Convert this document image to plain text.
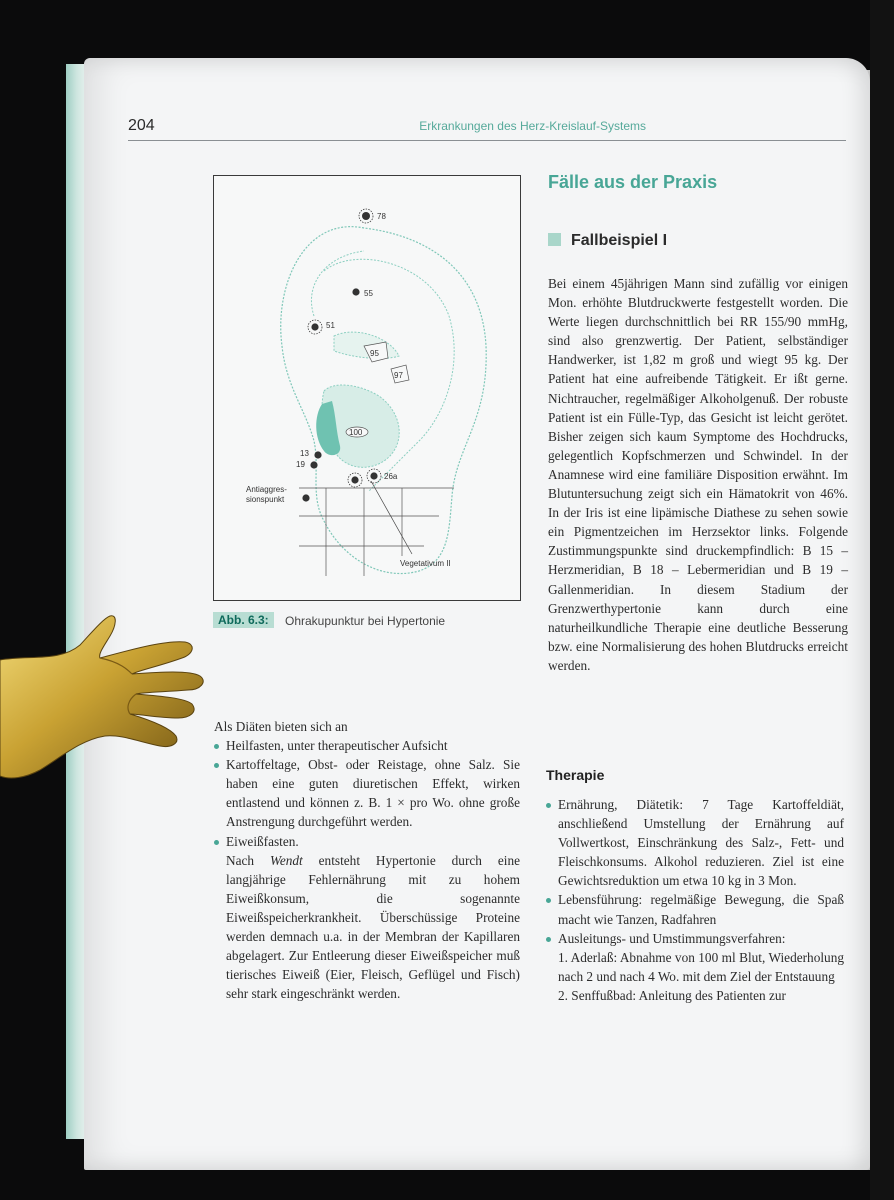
204	Erkrankungen des Herz-Kreislauf-Systems
78
55
51
95
97
100
13
19
26a
Antiaggres-
sionspunkt
Vegetativum II
Abb. 6.3:	Ohrakupunktur bei Hypertonie
Fälle aus der Praxis
Fallbeispiel I

Bei einem 45jährigen Mann sind zufällig vor einigen Mon. erhöhte Blutdruckwerte festgestellt worden. Die Werte liegen durchschnittlich bei RR 155/90 mmHg, sind also grenzwertig. Der Patient, selbständiger Handwerker, ist 1,82 m groß und wiegt 95 kg. Der Patient hat eine aufreibende Tätigkeit. Er ißt gerne. Nichtraucher, regelmäßiger Alkoholgenuß. Der robuste Patient ist ein Fülle-Typ, das Gesicht ist leicht gerötet. Bisher zeigen sich kaum Symptome des Hochdrucks, gelegentlich Kopfschmerzen und Schwindel. In der Anamnese wird eine familiäre Disposition erwähnt. Im Blutuntersuchung zeigt sich ein Hämatokrit von 46%. In der Iris ist eine lipämische Diathese zu sehen sowie ein Pigmentzeichen im Herzsektor links. Folgende Zustimmungspunkte sind druckempfindlich: B 15 – Herzmeridian, B 18 – Lebermeridian und B 19 – Gallenmeridian. In diesem Stadium der Grenzwerthypertonie kann durch eine naturheilkundliche Therapie eine deutliche Besserung bzw. eine Normalisierung des hohen Blutdrucks erreicht werden.

Therapie
Ernährung, Diätetik: 7 Tage Kartoffeldiät, anschließend Umstellung der Ernährung auf Vollwertkost, Einschränkung des Salz-, Fett- und Fleischkonsums. Alkohol reduzieren. Ziel ist eine Gewichtsreduktion um etwa 10 kg in 3 Mon.
Lebensführung: regelmäßige Bewegung, die Spaß macht wie Tanzen, Radfahren
Ausleitungs- und Umstimmungsverfahren:
1. Aderlaß: Abnahme von 100 ml Blut, Wiederholung nach 2 und nach 4 Wo. mit dem Ziel der Entstauung
2. Senffußbad: Anleitung des Patienten zur

Als Diäten bieten sich an

Heilfasten, unter therapeutischer Aufsicht
Kartoffeltage, Obst- oder Reistage, ohne Salz. Sie haben eine guten diuretischen Effekt, wirken entlastend und können z. B. 1 × pro Wo. ohne große Anstrengung durchgeführt werden.
Eiweißfasten.
Nach Wendt entsteht Hypertonie durch eine langjährige Fehlernährung mit zu hohem Eiweißkonsum, die sogenannte Eiweißspeicherkrankheit. Überschüssige Proteine werden demnach u.a. in der Membran der Kapillaren abgelagert. Zur Entleerung dieser Eiweißspeicher muß tierisches Eiweiß (Eier, Fleisch, Geflügel und Fisch) sehr stark eingeschränkt werden.
